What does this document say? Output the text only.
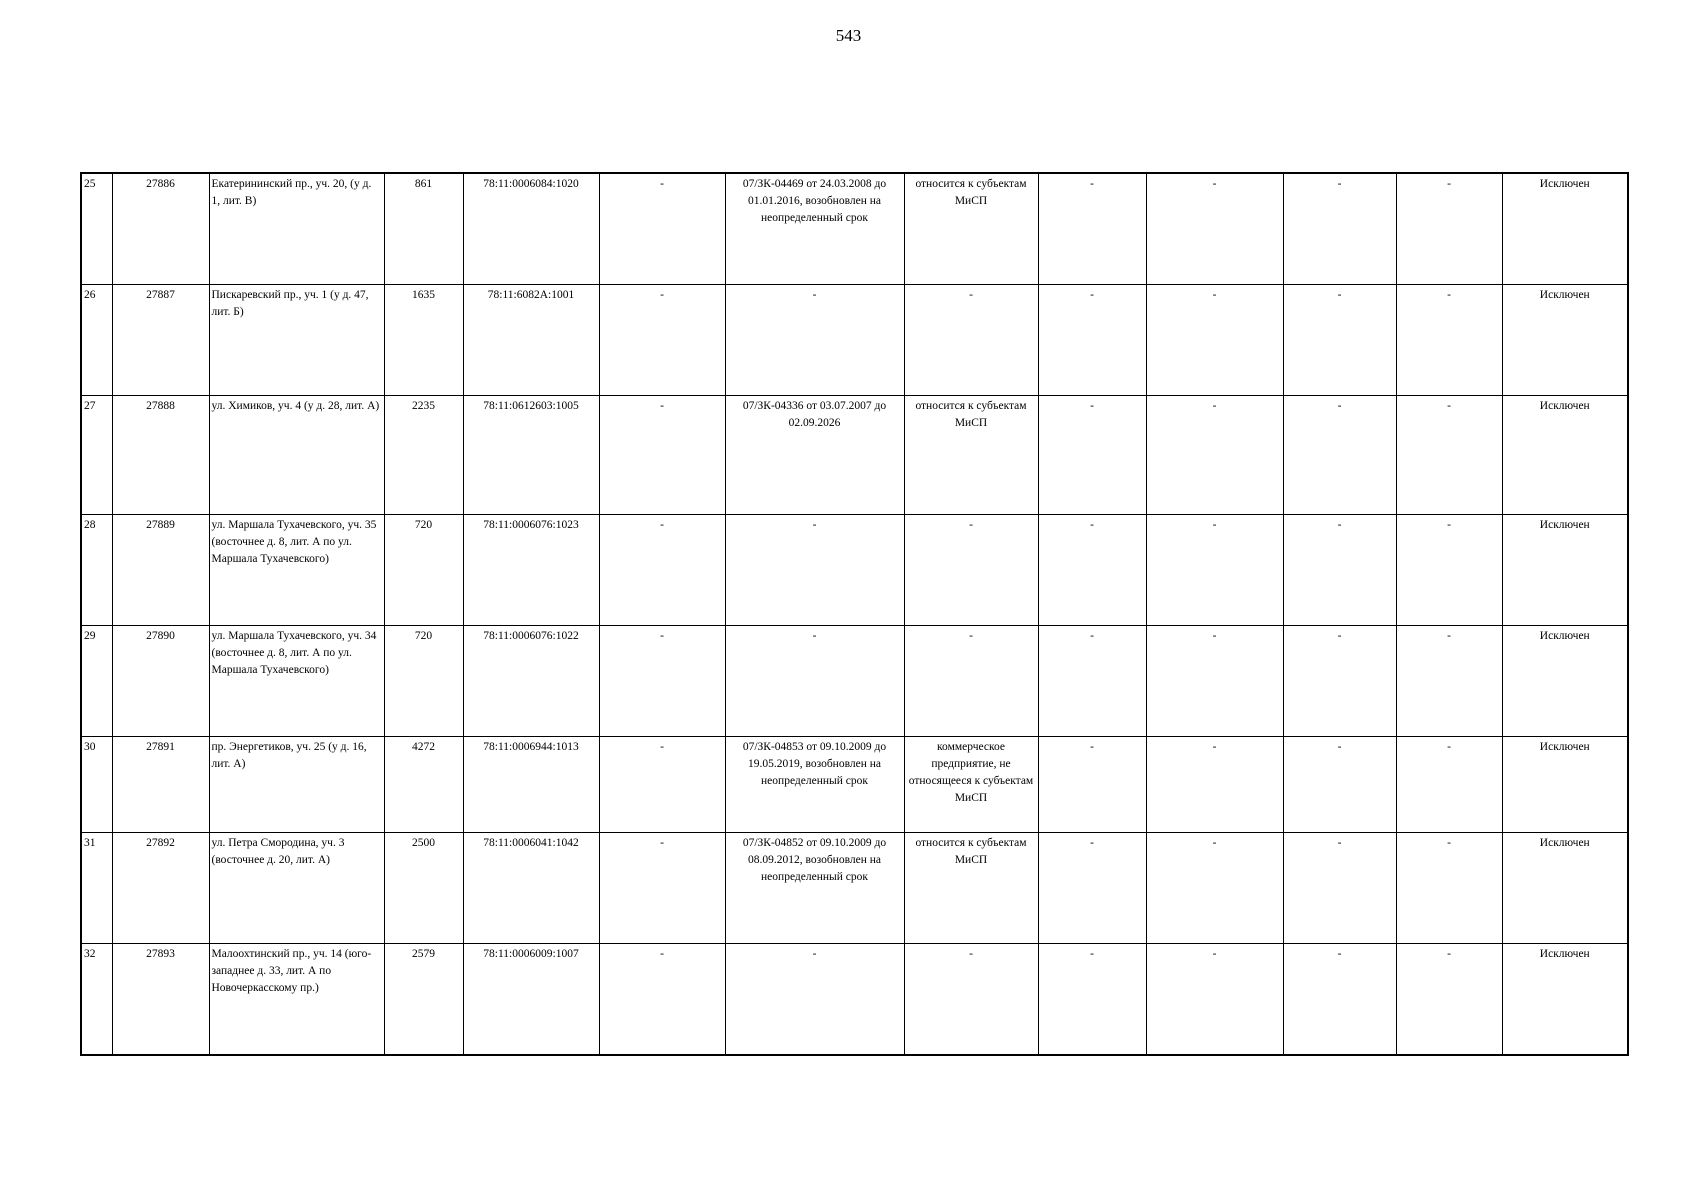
543
25	27886	Екатерининский пр., уч. 20, (у д. 1, лит. В)	861	78:11:0006084:1020	-	07/ЗК-04469 от 24.03.2008 до 01.01.2016, возобновлен на неопределенный срок	относится к субъектам МиСП	-	-	-	-	Исключен
26	27887	Пискаревский пр., уч. 1 (у д. 47, лит. Б)	1635	78:11:6082А:1001	-	-	-	-	-	-	-	Исключен
27	27888	ул. Химиков, уч. 4 (у д. 28, лит. А)	2235	78:11:0612603:1005	-	07/ЗК-04336 от 03.07.2007 до 02.09.2026	относится к субъектам МиСП	-	-	-	-	Исключен
28	27889	ул. Маршала Тухачевского, уч. 35 (восточнее д. 8, лит. А по ул. Маршала Тухачевского)	720	78:11:0006076:1023	-	-	-	-	-	-	-	Исключен
29	27890	ул. Маршала Тухачевского, уч. 34 (восточнее д. 8, лит. А по ул. Маршала Тухачевского)	720	78:11:0006076:1022	-	-	-	-	-	-	-	Исключен
30	27891	пр. Энергетиков, уч. 25 (у д. 16, лит. А)	4272	78:11:0006944:1013	-	07/ЗК-04853 от 09.10.2009 до 19.05.2019, возобновлен на неопределенный срок	коммерческое предприятие, не относящееся к субъектам МиСП	-	-	-	-	Исключен
31	27892	ул. Петра Смородина, уч. 3 (восточнее д. 20, лит. А)	2500	78:11:0006041:1042	-	07/ЗК-04852 от 09.10.2009 до 08.09.2012, возобновлен на неопределенный срок	относится к субъектам МиСП	-	-	-	-	Исключен
32	27893	Малоохтинский пр., уч. 14 (юго-западнее д. 33, лит. А по Новочеркасскому пр.)	2579	78:11:0006009:1007	-	-	-	-	-	-	-	Исключен
